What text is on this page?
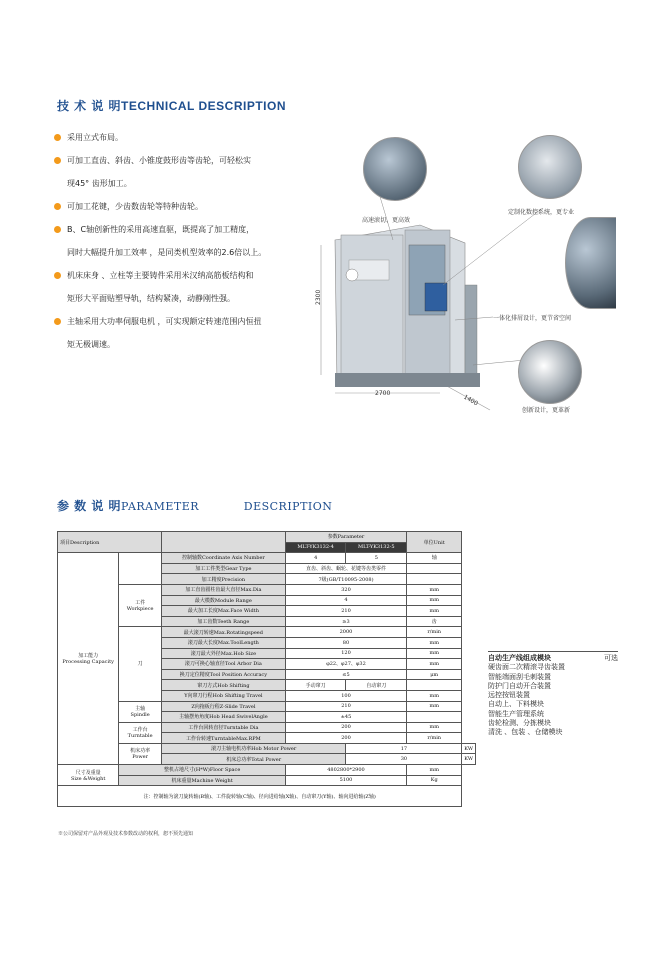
技 术 说 明TECHNICAL DESCRIPTION
采用立式布局。
可加工直齿、斜齿、小锥度鼓形齿等齿轮，可轻松实
现45° 齿形加工。
可加工花键，少齿数齿轮等特种齿轮。
B、C轴创新性的采用高速直驱，既提高了加工精度，
同时大幅提升加工效率 ，是同类机型效率的2.6倍以上。
机床床身 、立柱等主要铸件采用米汉纳高筋板结构和
矩形大平面贴塑导轨，结构紧凑，动静刚性强。
主轴采用大功率伺服电机 ，可实现额定转速范围内恒扭
矩无极调速。
高速滚切、更高效
定制化数控系统，更专业
一体化排屑设计，更节省空间
创新设计，更革新
2300
2700
1400
参 数 说 明PARAMETER	DESCRIPTION
项目Description			参数Parameter		单位Unit	
			MLT-YK3132-4	MLT-YK3132-5		

加工能力
Processing Capacity		控制轴数Coordinate Axis Number	4	5	轴	
		加工工件类型Gear Type	直齿、斜齿、蜗轮、花键等齿类零件			
		加工精度Precision	7级(GB/T10095-2008)			

	工件
Workpiece	加工直齿圆柱齿最大直径Max.Dia	320		mm	
		最大模数Module Range	4		mm	
		最大加工长度Max.Face Width	210		mm	
		加工齿数Teeth Range	≥3		齿	
	刀	最大滚刀转速Max.Rotatingspeed	2000		r/min	
		滚刀最大长度Max.ToolLength	80		mm	
		滚刀最大外径Max.Hob Size	120		mm	
		滚刀可换心轴直径Tool Arbor Dia	φ22、φ27、φ32		mm	
		换刀定位精度Tool Position Accuracy	≤5		μm	
		窜刀方式Hob Shifting	手动窜刀	自动窜刀		
		Y向窜刀行程Hob Shifting Travel	100		mm	

	主轴
Spindle	Z向拖板行程Z-Slide Travel	210		mm	
		主轴摆角角度Hob Head SwivelAngle	±45			

	工作台
Turntable	工作台回转直径Turntable Dia	200		mm	
		工作台转速TurntableMax.RPM	200		r/min	

	机床功率
Power	滚刀主轴电机功率Hob Motor Power		17		KW
		机床总功率Total Power		30		KW

尺寸及重量
Size &Weight	整机占地尺寸(H*W)Floor Space		4802800*2900		mm	
	机床重量Machine Weight		5100		Kg	
注：控制轴为滚刀旋转轴(B轴)、工件旋转轴(C轴)、径向进给轴(X轴)、自动窜刀(Y轴)、轴向进给轴(Z轴)						
自动生产线组成模块	可选
硬齿面二次精滚寻齿装置
智能端面刮毛刺装置
防护门自动开合装置
远控按钮装置
自动上、下料模块
智能生产管理系统
齿轮检测、分拣模块
清洗 、包装 、仓储模块
※公司保留对产品外观及技术参数改动的权利，恕不预先通知
